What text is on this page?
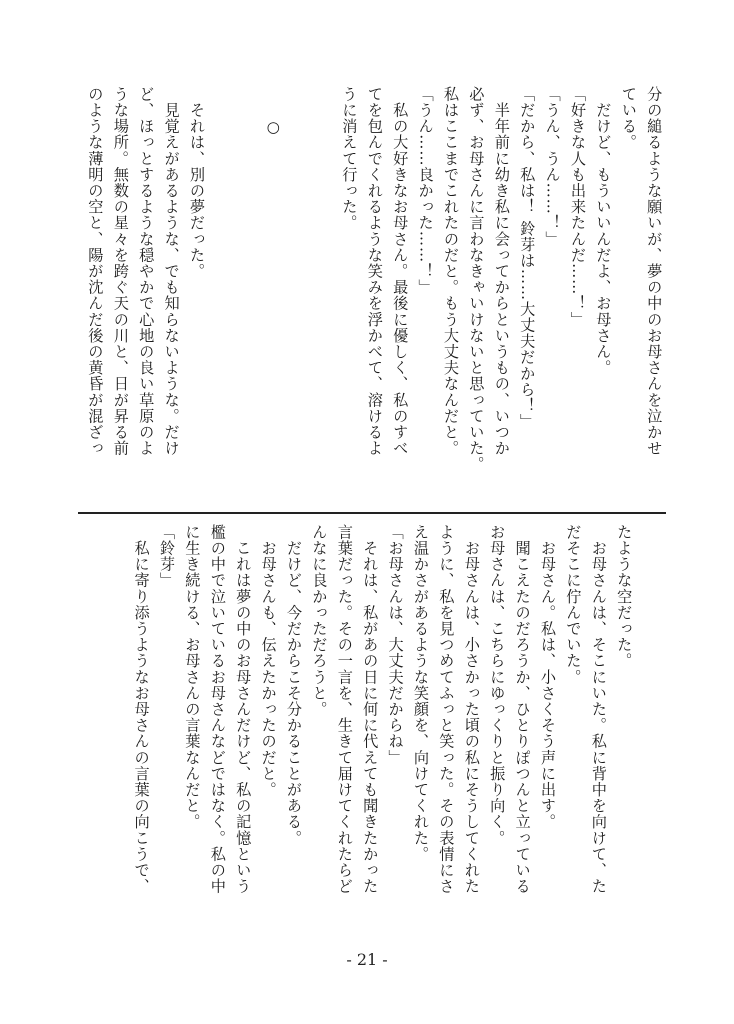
分の縋るような願いが、夢の中のお母さんを泣かせ
ている。
　だけど、もういいんだよ、お母さん。
「好きな人も出来たんだ……！」
「うん、うん……！」
「だから、私は！ 鈴芽は……大丈夫だから！」
　半年前に幼き私に会ってからというもの、いつか
必ず、お母さんに言わなきゃいけないと思っていた。
私はここまでこれたのだと。もう大丈夫なんだと。
「うん……良かった……！」
　私の大好きなお母さん。最後に優しく、私のすべ
てを包んでくれるような笑みを浮かべて、溶けるよ
うに消えて行った。
　　○
　それは、別の夢だった。
　見覚えがあるような、でも知らないような。だけ
ど、ほっとするような穏やかで心地の良い草原のよ
うな場所。無数の星々を跨ぐ天の川と、日が昇る前
のような薄明の空と、陽が沈んだ後の黄昏が混ざっ
たような空だった。
　お母さんは、そこにいた。私に背中を向けて、た
だそこに佇んでいた。
　お母さん。私は、小さくそう声に出す。
　聞こえたのだろうか、ひとりぽつんと立っている
お母さんは、こちらにゆっくりと振り向く。
　お母さんは、小さかった頃の私にそうしてくれた
ように、私を見つめてふっと笑った。その表情にさ
え温かさがあるような笑顔を、向けてくれた。
「お母さんは、大丈夫だからね」
　それは、私があの日に何に代えても聞きたかった
言葉だった。その一言を、生きて届けてくれたらど
んなに良かっただろうと。
　だけど、今だからこそ分かることがある。
　お母さんも、伝えたかったのだと。
　これは夢の中のお母さんだけど、私の記憶という
檻の中で泣いているお母さんなどではなく。私の中
に生き続ける、お母さんの言葉なんだと。
「鈴芽」
　私に寄り添うようなお母さんの言葉の向こうで、
- 21 -
